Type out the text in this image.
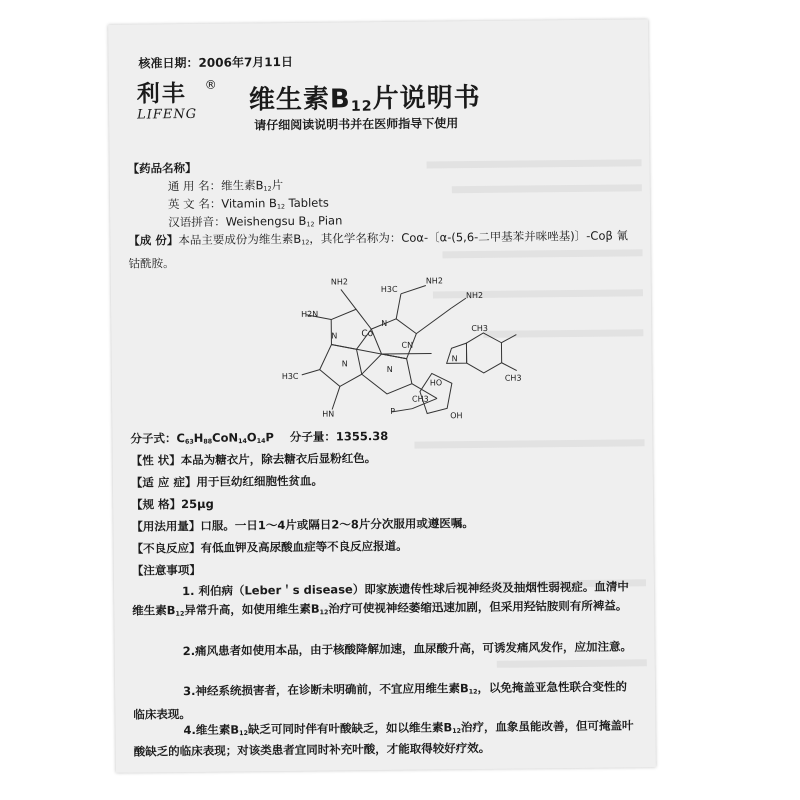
核准日期：2006年7月11日
利丰	®
LIFENG	维生素$B_{12}$片说明书
请仔细阅读说明书并在医师指导下使用
【药品名称】
通 用 名：维生素$B_{12}$片
英 文 名：Vitamin $B_{12}$ Tablets
汉语拼音：Weishengsu $B_{12}$ Pian
【成 份】本品主要成份为维生素$B_{12}$，其化学名称为：Coα-〔α-(5,6-二甲基苯并咪唑基)〕-Coβ 氰钴酰胺。
NH2
H2N
H3C
NH2
NH2
Co
CN
N
N
N
N
H3C
CH3
CH3
CH3
N
HO
P	OH
HN
分子式：$C_{63}H_{88}CoN_{14}O_{14}P$ 分子量：1355.38
【性 状】本品为糖衣片，除去糖衣后显粉红色。
【适 应 症】用于巨幼红细胞性贫血。
【规 格】25μg
【用法用量】口服。一日1～4片或隔日2～8片分次服用或遵医嘱。
【不良反应】有低血钾及高尿酸血症等不良反应报道。
【注意事项】
1. 利伯病（Leber＇s disease）即家族遗传性球后视神经炎及抽烟性弱视症。血清中维生素$B_{12}$异常升高，如使用维生素$B_{12}$治疗可使视神经萎缩迅速加剧，但采用羟钴胺则有所裨益。
2.痛风患者如使用本品，由于核酸降解加速，血尿酸升高，可诱发痛风发作，应加注意。
3.神经系统损害者，在诊断未明确前，不宜应用维生素$B_{12}$，以免掩盖亚急性联合变性的临床表现。
4.维生素$B_{12}$缺乏可同时伴有叶酸缺乏，如以维生素$B_{12}$治疗，血象虽能改善，但可掩盖叶酸缺乏的临床表现；对该类患者宜同时补充叶酸，才能取得较好疗效。
